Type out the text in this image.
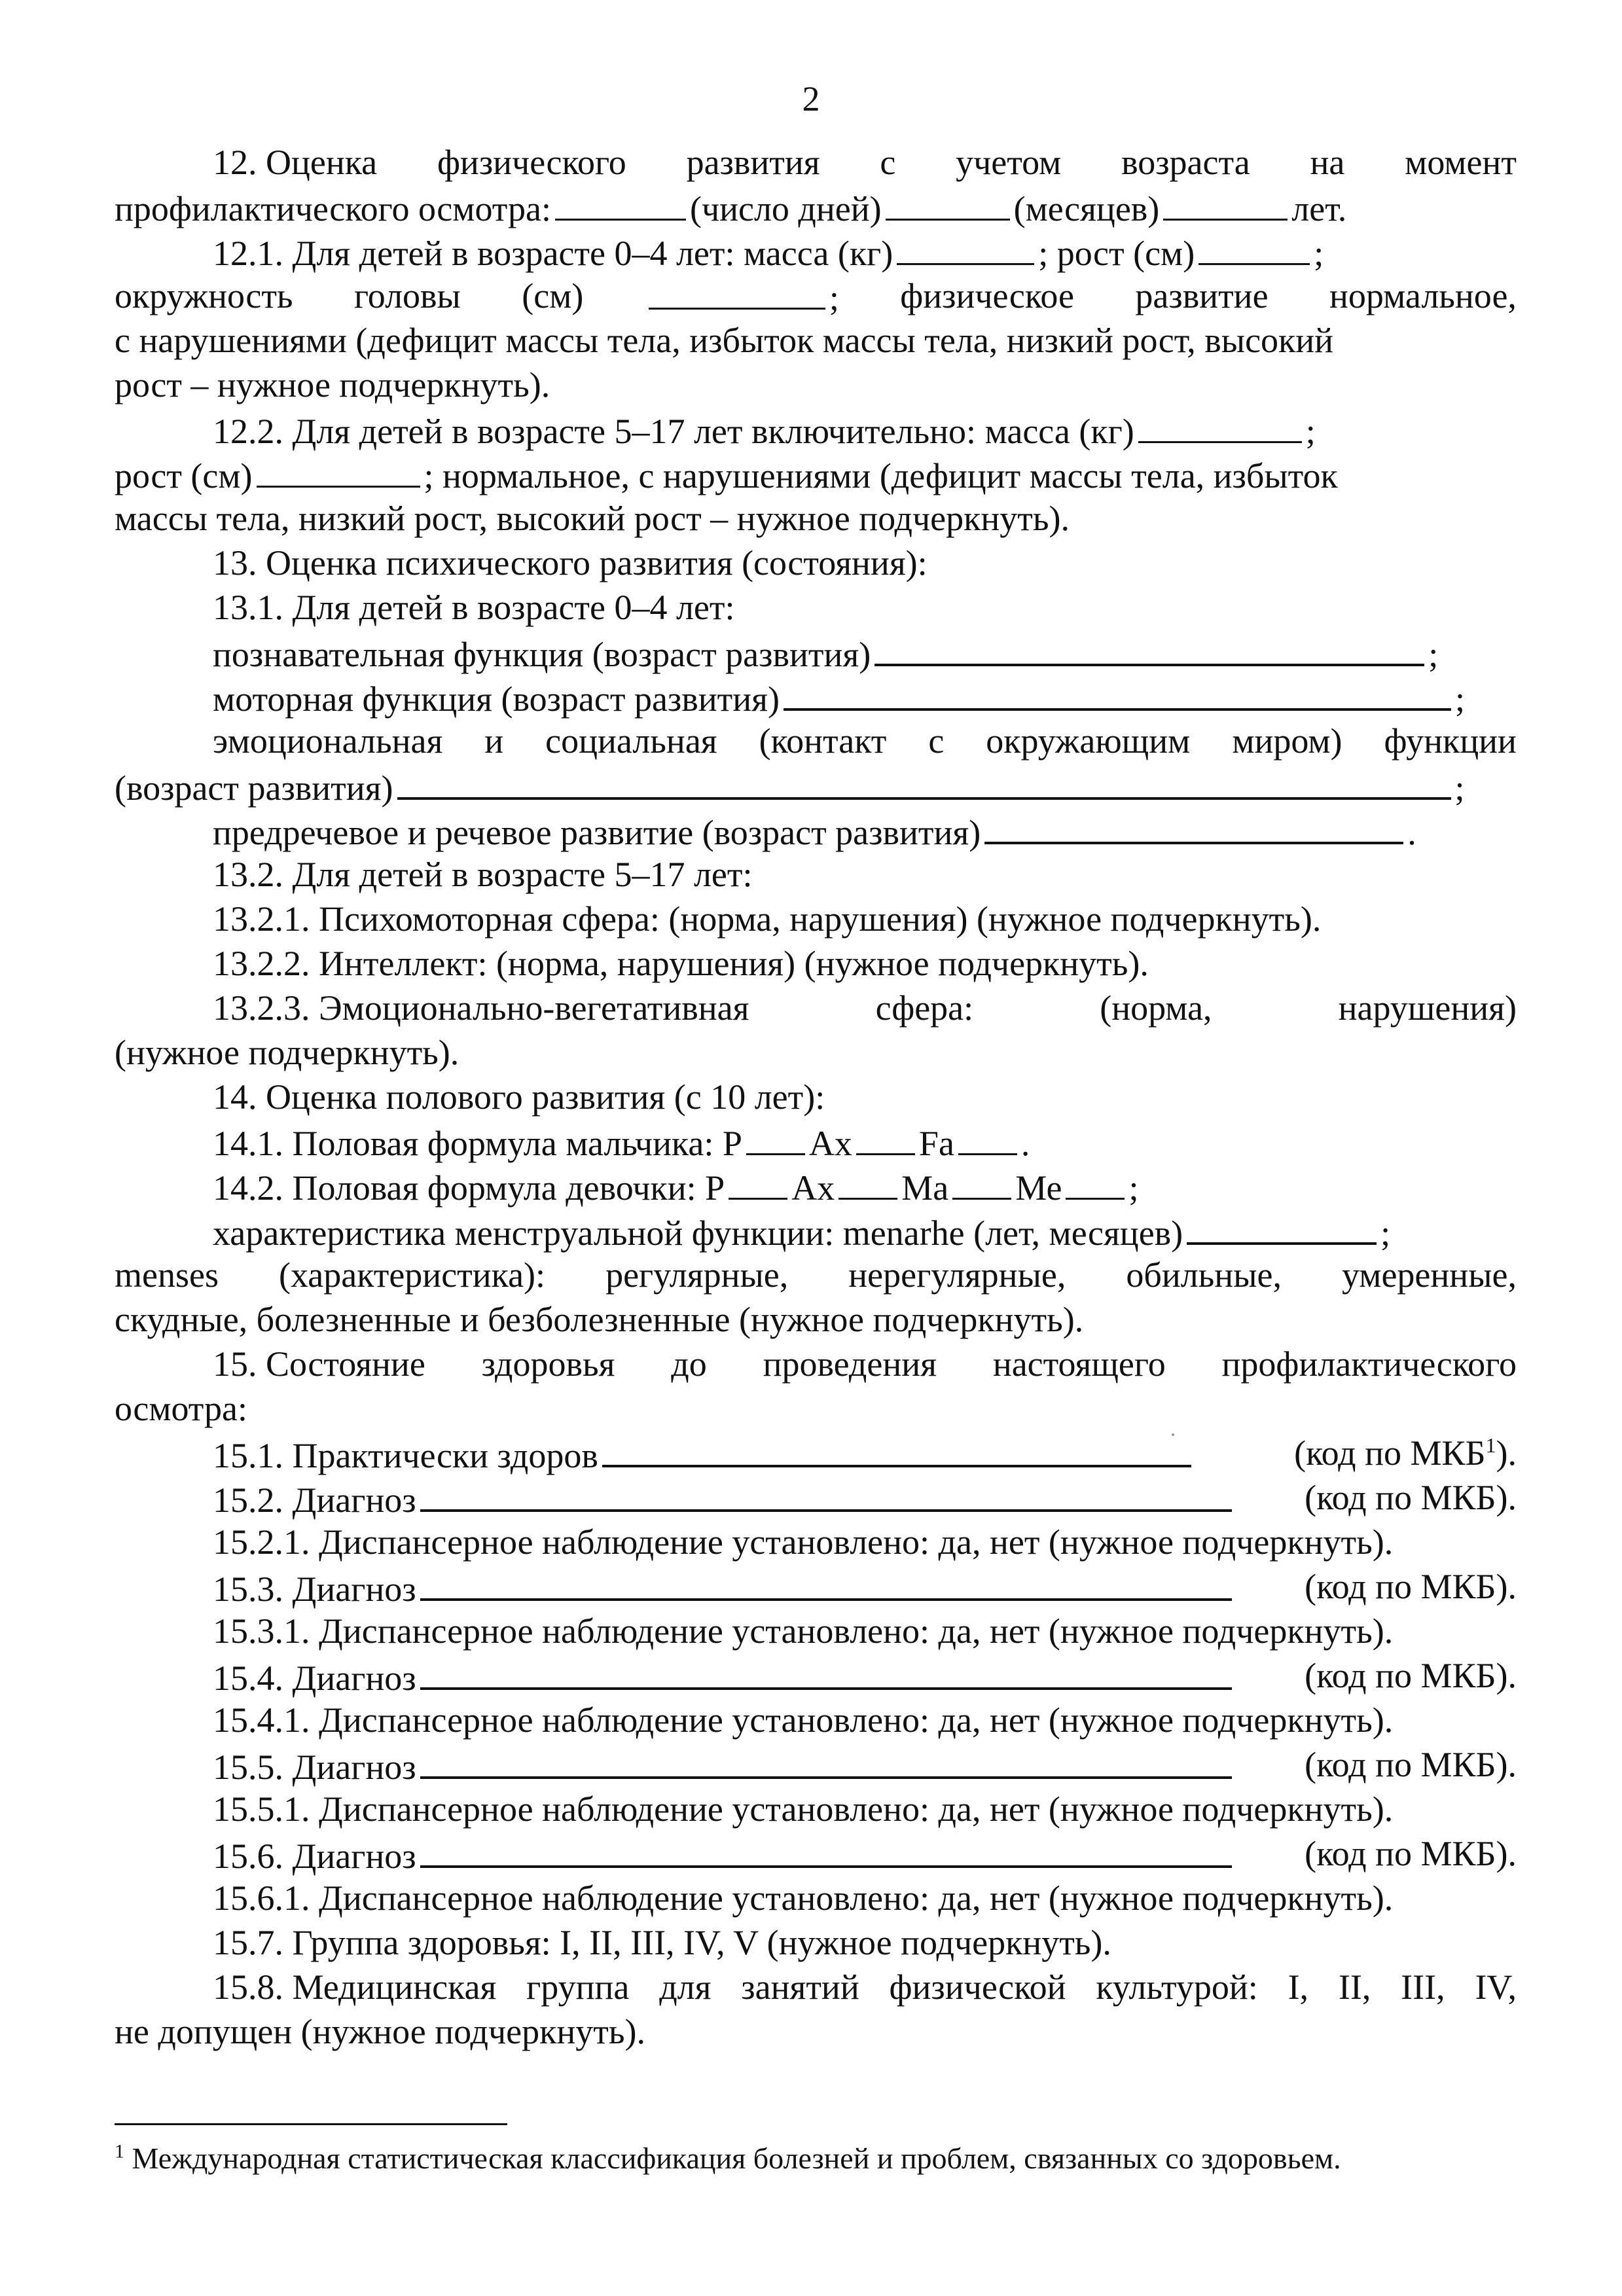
2
12. Оценка физического развития с учетом возраста на момент
профилактического осмотра:	(число дней)	(месяцев)	лет.
12.1. Для детей в возрасте 0–4 лет: масса (кг)	; рост (см)	;
окружность головы (см)	; физическое развитие нормальное,
с нарушениями (дефицит массы тела, избыток массы тела, низкий рост, высокий
рост – нужное подчеркнуть).
12.2. Для детей в возрасте 5–17 лет включительно: масса (кг)	;
рост (см)	; нормальное, с нарушениями (дефицит массы тела, избыток
массы тела, низкий рост, высокий рост – нужное подчеркнуть).
13. Оценка психического развития (состояния):
13.1. Для детей в возрасте 0–4 лет:
познавательная функция (возраст развития)	;
моторная функция (возраст развития)	;
эмоциональная и социальная (контакт с окружающим миром) функции
(возраст развития)	;
предречевое и речевое развитие (возраст развития)	.
13.2. Для детей в возрасте 5–17 лет:
13.2.1. Психомоторная сфера: (норма, нарушения) (нужное подчеркнуть).
13.2.2. Интеллект: (норма, нарушения) (нужное подчеркнуть).
13.2.3. Эмоционально-вегетативная	сфера:	(норма,	нарушения)
(нужное подчеркнуть).
14. Оценка полового развития (с 10 лет):
14.1. Половая формула мальчика: Р Ах Fa .
14.2. Половая формула девочки: Р Ах Ма Ме ;
характеристика менструальной функции: menarhe (лет, месяцев)	;
menses (характеристика): регулярные, нерегулярные, обильные, умеренные,
скудные, болезненные и безболезненные (нужное подчеркнуть).
15. Состояние здоровья до проведения настоящего профилактического
осмотра:
15.1. Практически здоров	(код по МКБ$^1$).
15.2. Диагноз	(код по МКБ).
15.2.1. Диспансерное наблюдение установлено: да, нет (нужное подчеркнуть).
15.3. Диагноз	(код по МКБ).
15.3.1. Диспансерное наблюдение установлено: да, нет (нужное подчеркнуть).
15.4. Диагноз	(код по МКБ).
15.4.1. Диспансерное наблюдение установлено: да, нет (нужное подчеркнуть).
15.5. Диагноз	(код по МКБ).
15.5.1. Диспансерное наблюдение установлено: да, нет (нужное подчеркнуть).
15.6. Диагноз	(код по МКБ).
15.6.1. Диспансерное наблюдение установлено: да, нет (нужное подчеркнуть).
15.7. Группа здоровья: I, II, III, IV, V (нужное подчеркнуть).
15.8. Медицинская группа для занятий физической культурой: I, II, III, IV,
не допущен (нужное подчеркнуть).
$^1$ Международная статистическая классификация болезней и проблем, связанных со здоровьем.
